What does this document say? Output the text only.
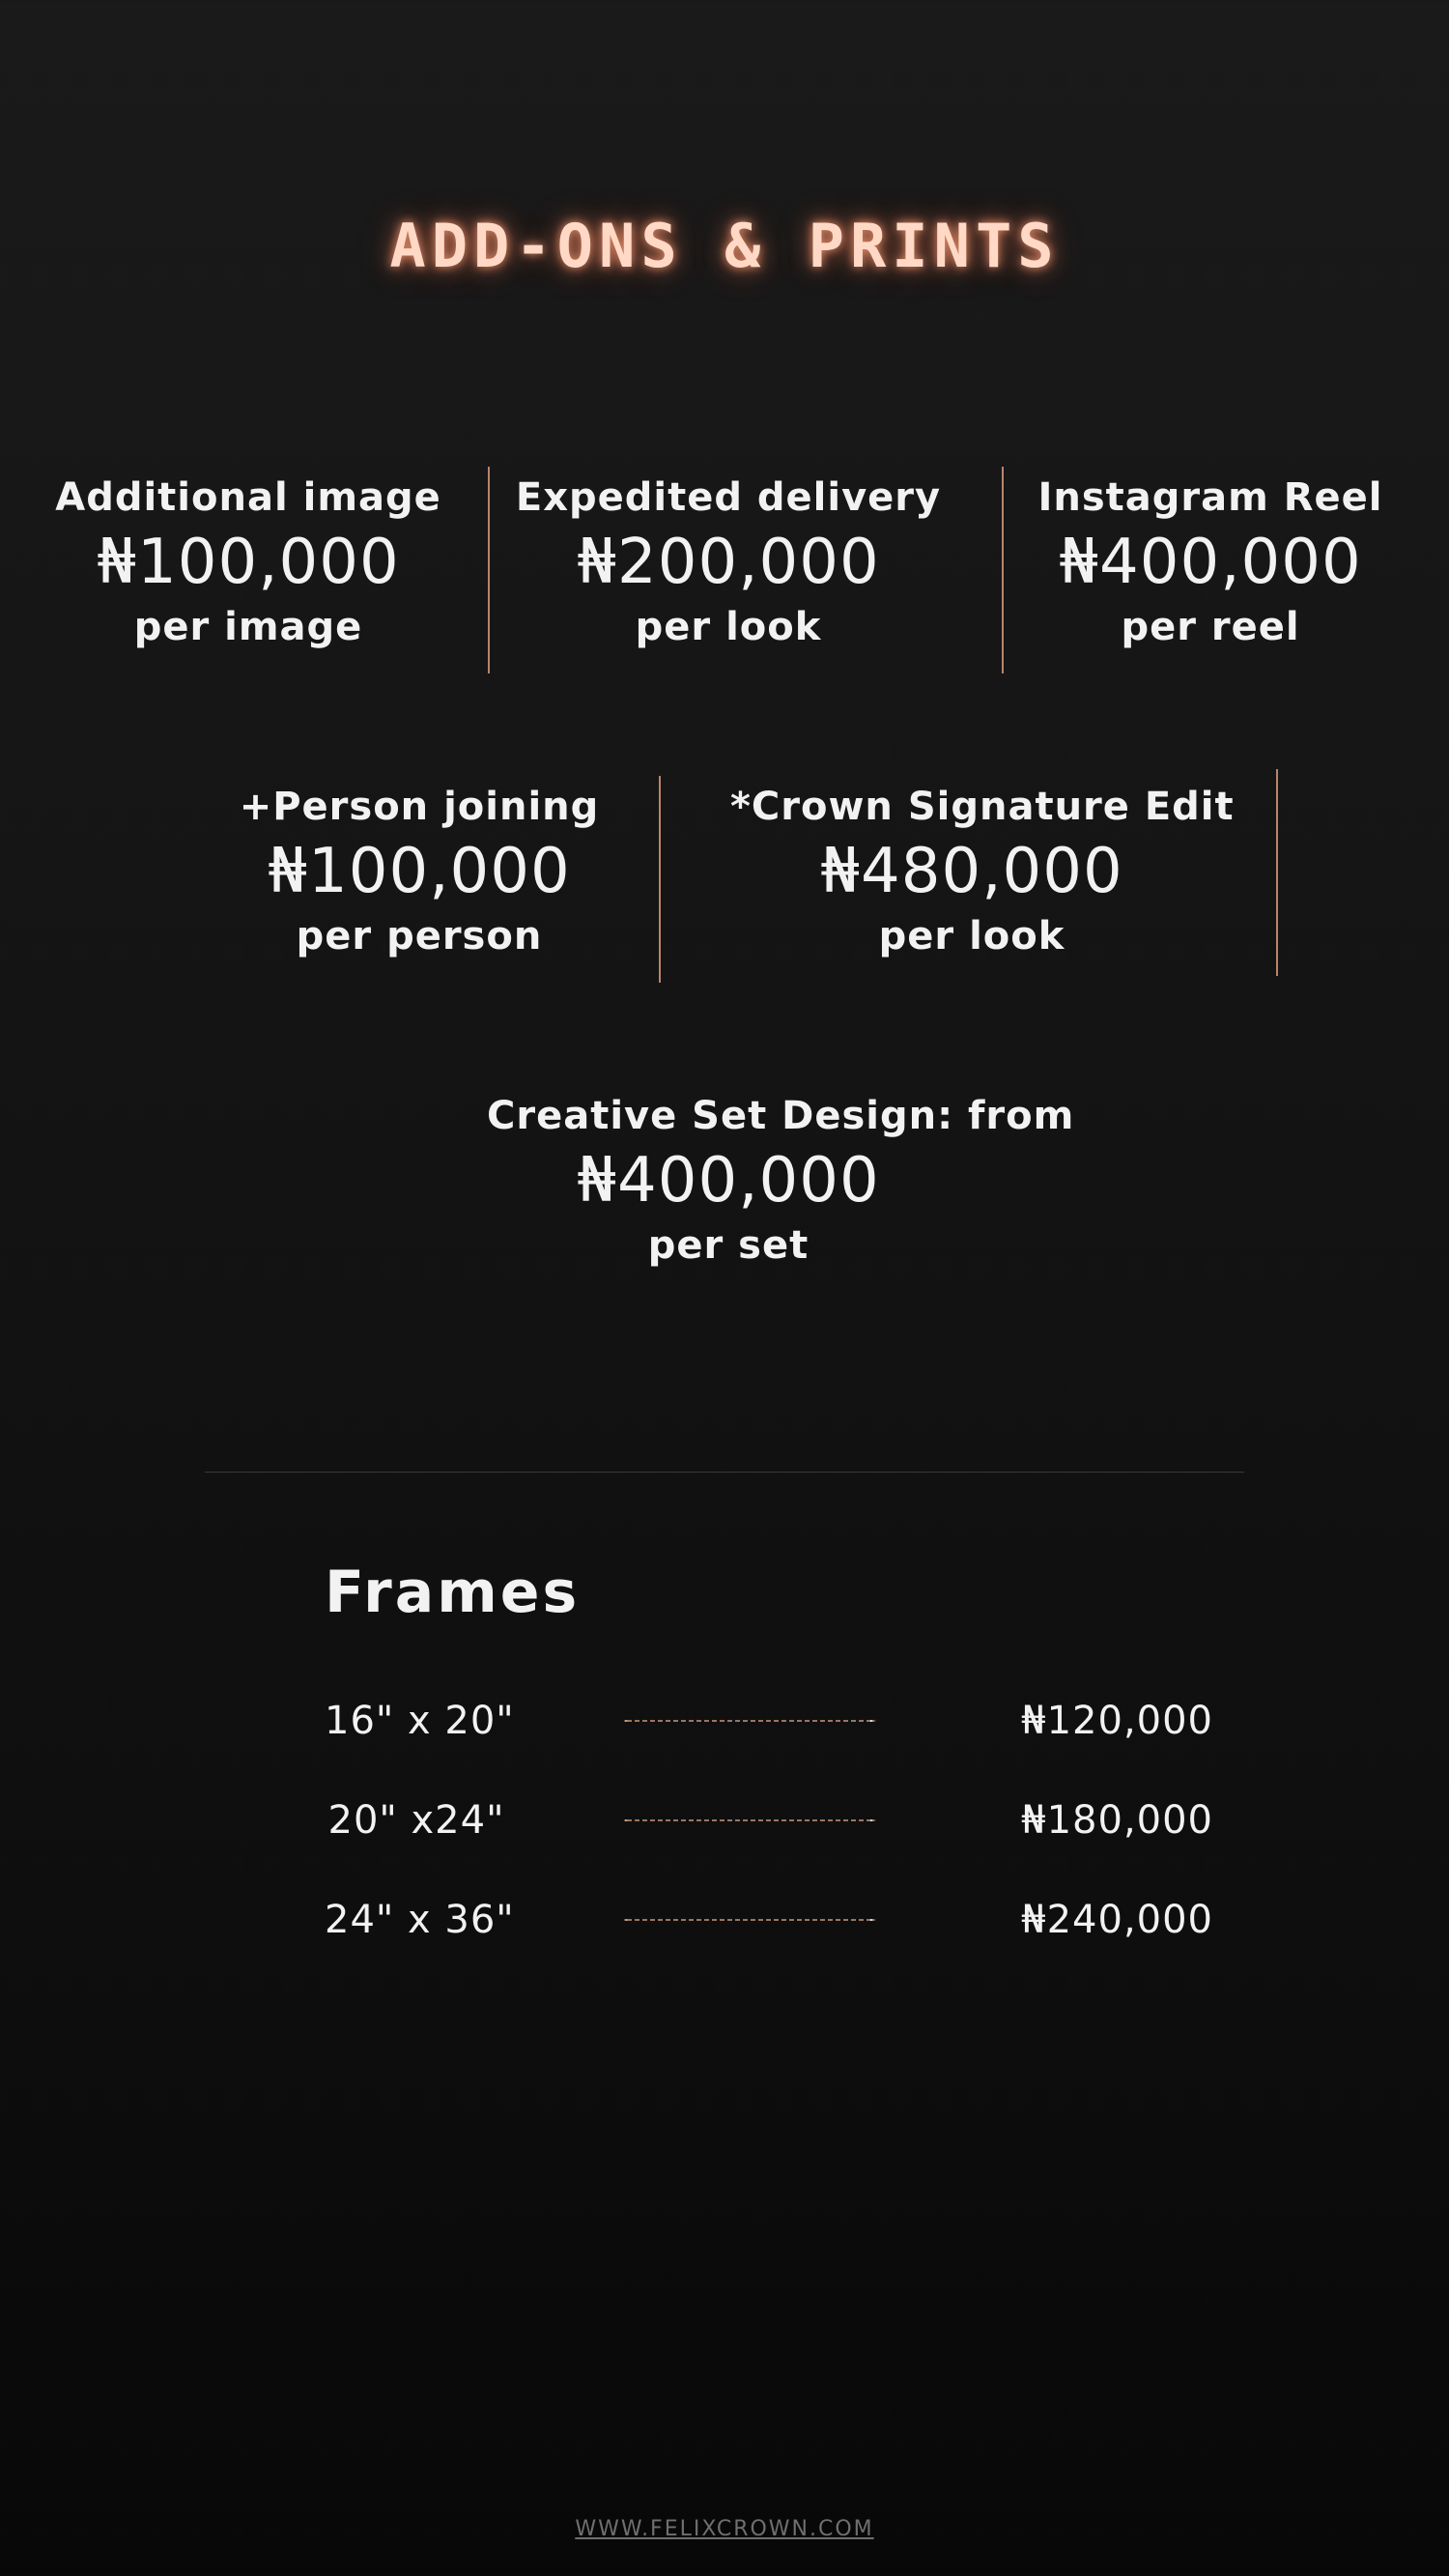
ADD-ONS & PRINTS
Additional image
₦100,000
per image
Expedited delivery
₦200,000
per look
Instagram Reel
₦400,000
per reel
+Person joining
₦100,000
per person
*Crown Signature Edit
₦480,000
per look
Creative Set Design: from
₦400,000
per set
Frames
16" x 20"	₦120,000
20" x24"	₦180,000
24" x 36"	₦240,000
WWW.FELIXCROWN.COM
